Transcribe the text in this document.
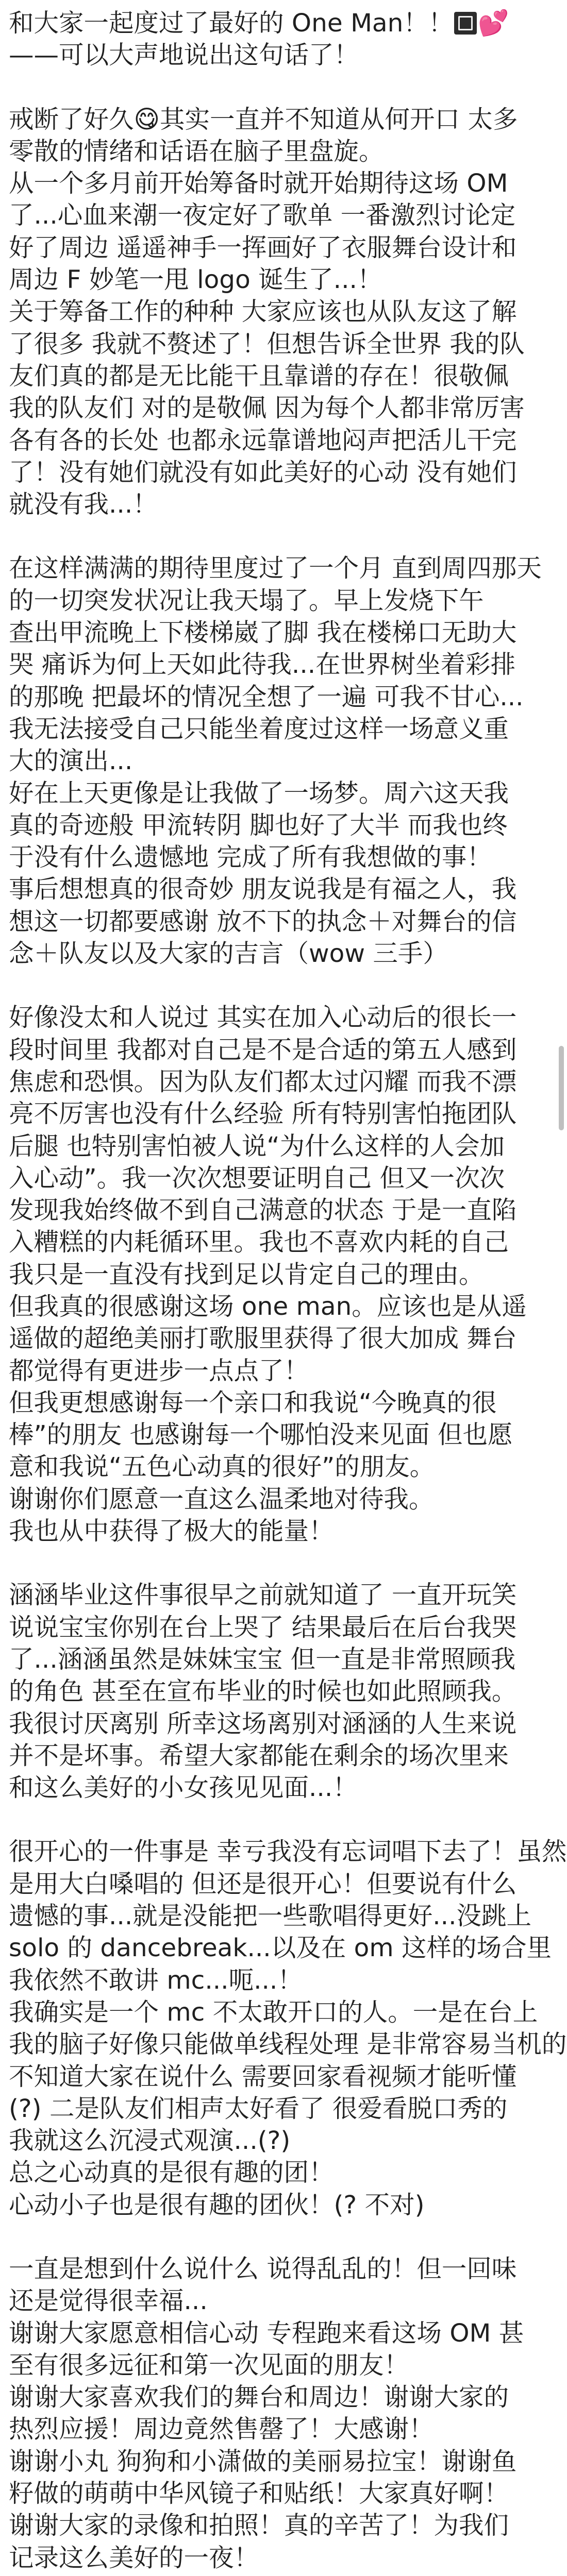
和大家一起度过了最好的 One Man！！ 💕
——可以大声地说出这句话了！
戒断了好久😋其实一直并不知道从何开口 太多
零散的情绪和话语在脑子里盘旋。
从一个多月前开始筹备时就开始期待这场 OM
了...心血来潮一夜定好了歌单 一番激烈讨论定
好了周边 遥遥神手一挥画好了衣服舞台设计和
周边 F 妙笔一甩 logo 诞生了...！
关于筹备工作的种种 大家应该也从队友这了解
了很多 我就不赘述了！但想告诉全世界 我的队
友们真的都是无比能干且靠谱的存在！很敬佩
我的队友们 对的是敬佩 因为每个人都非常厉害
各有各的长处 也都永远靠谱地闷声把活儿干完
了！没有她们就没有如此美好的心动 没有她们
就没有我...！
在这样满满的期待里度过了一个月 直到周四那天
的一切突发状况让我天塌了。早上发烧下午
查出甲流晚上下楼梯崴了脚 我在楼梯口无助大
哭 痛诉为何上天如此待我...在世界树坐着彩排
的那晚 把最坏的情况全想了一遍 可我不甘心...
我无法接受自己只能坐着度过这样一场意义重
大的演出...
好在上天更像是让我做了一场梦。周六这天我
真的奇迹般 甲流转阴 脚也好了大半 而我也终
于没有什么遗憾地 完成了所有我想做的事！
事后想想真的很奇妙 朋友说我是有福之人，我
想这一切都要感谢 放不下的执念＋对舞台的信
念＋队友以及大家的吉言（wow 三手）
好像没太和人说过 其实在加入心动后的很长一
段时间里 我都对自己是不是合适的第五人感到
焦虑和恐惧。因为队友们都太过闪耀 而我不漂
亮不厉害也没有什么经验 所有特别害怕拖团队
后腿 也特别害怕被人说“为什么这样的人会加
入心动”。我一次次想要证明自己 但又一次次
发现我始终做不到自己满意的状态 于是一直陷
入糟糕的内耗循环里。我也不喜欢内耗的自己
我只是一直没有找到足以肯定自己的理由。
但我真的很感谢这场 one man。应该也是从遥
遥做的超绝美丽打歌服里获得了很大加成 舞台
都觉得有更进步一点点了！
但我更想感谢每一个亲口和我说“今晚真的很
棒”的朋友 也感谢每一个哪怕没来见面 但也愿
意和我说“五色心动真的很好”的朋友。
谢谢你们愿意一直这么温柔地对待我。
我也从中获得了极大的能量！
涵涵毕业这件事很早之前就知道了 一直开玩笑
说说宝宝你别在台上哭了 结果最后在后台我哭
了...涵涵虽然是妹妹宝宝 但一直是非常照顾我
的角色 甚至在宣布毕业的时候也如此照顾我。
我很讨厌离别 所幸这场离别对涵涵的人生来说
并不是坏事。希望大家都能在剩余的场次里来
和这么美好的小女孩见见面...！
很开心的一件事是 幸亏我没有忘词唱下去了！虽然
是用大白嗓唱的 但还是很开心！但要说有什么
遗憾的事...就是没能把一些歌唱得更好...没跳上
solo 的 dancebreak...以及在 om 这样的场合里
我依然不敢讲 mc...呃...！
我确实是一个 mc 不太敢开口的人。一是在台上
我的脑子好像只能做单线程处理 是非常容易当机的
不知道大家在说什么 需要回家看视频才能听懂
(?) 二是队友们相声太好看了 很爱看脱口秀的
我就这么沉浸式观演...(?)
总之心动真的是很有趣的团！
心动小子也是很有趣的团伙！(? 不对)
一直是想到什么说什么 说得乱乱的！但一回味
还是觉得很幸福...
谢谢大家愿意相信心动 专程跑来看这场 OM 甚
至有很多远征和第一次见面的朋友！
谢谢大家喜欢我们的舞台和周边！谢谢大家的
热烈应援！周边竟然售罄了！大感谢！
谢谢小丸 狗狗和小潇做的美丽易拉宝！谢谢鱼
籽做的萌萌中华风镜子和贴纸！大家真好啊！
谢谢大家的录像和拍照！真的辛苦了！为我们
记录这么美好的一夜！
